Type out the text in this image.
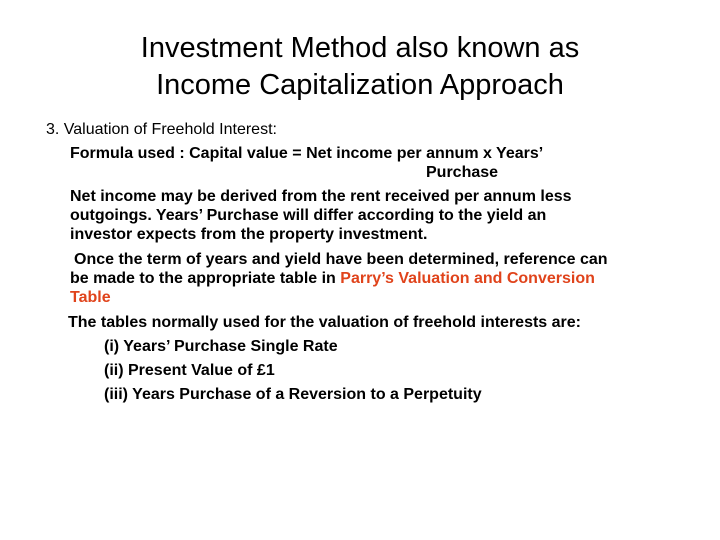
Investment Method also known as
Income Capitalization Approach
3. Valuation of Freehold Interest:
Formula used : Capital value = Net income per annum x Years’
Purchase
Net income may be derived from the rent received per annum less
outgoings. Years’ Purchase will differ according to the yield an
investor expects from the property investment.
Once the term of years and yield have been determined, reference can
be made to the appropriate table in Parry’s Valuation and Conversion
Table
The tables normally used for the valuation of freehold interests are:
(i) Years’ Purchase Single Rate
(ii) Present Value of £1
(iii) Years Purchase of a Reversion to a Perpetuity
